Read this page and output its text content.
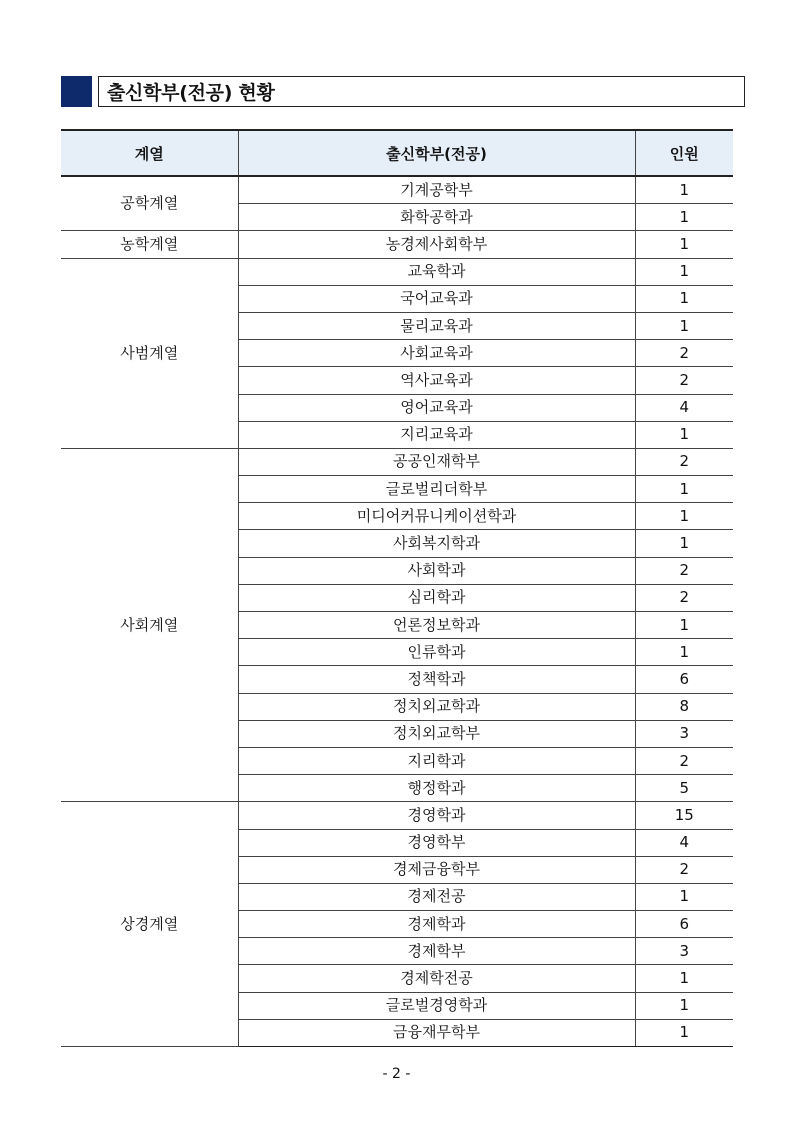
출신학부(전공) 현황
계열	출신학부(전공)	인원
공학계열	기계공학부	1
	화학공학과	1
농학계열	농경제사회학부	1
사범계열	교육학과	1
	국어교육과	1
	물리교육과	1
	사회교육과	2
	역사교육과	2
	영어교육과	4
	지리교육과	1
사회계열	공공인재학부	2
	글로벌리더학부	1
	미디어커뮤니케이션학과	1
	사회복지학과	1
	사회학과	2
	심리학과	2
	언론정보학과	1
	인류학과	1
	정책학과	6
	정치외교학과	8
	정치외교학부	3
	지리학과	2
	행정학과	5
상경계열	경영학과	15
	경영학부	4
	경제금융학부	2
	경제전공	1
	경제학과	6
	경제학부	3
	경제학전공	1
	글로벌경영학과	1
	금융재무학부	1
- 2 -
